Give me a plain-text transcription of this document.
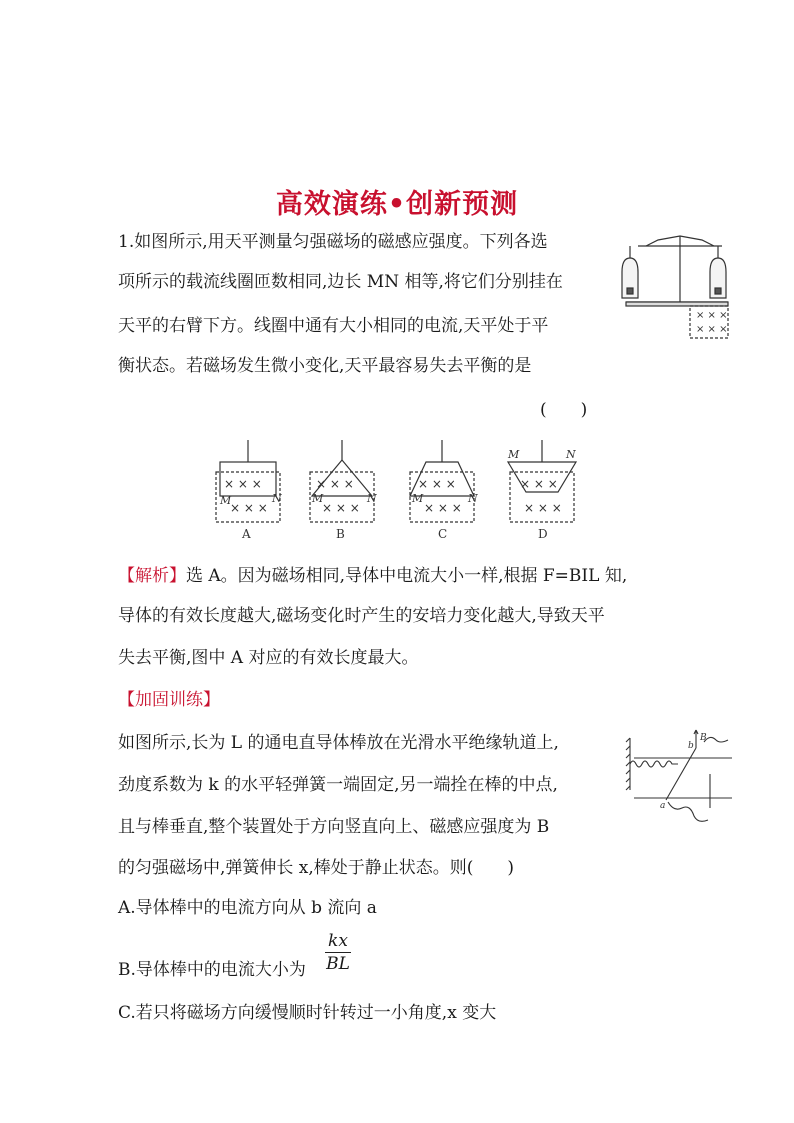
高效演练•创新预测
1.如图所示,用天平测量匀强磁场的磁感应强度。下列各选
项所示的载流线圈匝数相同,边长 MN 相等,将它们分别挂在
天平的右臂下方。线圈中通有大小相同的电流,天平处于平
衡状态。若磁场发生微小变化,天平最容易失去平衡的是
(　　)
× × ×
× × ×
× × ×
× × ×
× × ×
× × ×
× × ×
× × ×
× × ×
× × ×
M	N	M	N	M	N
M	N
A	B	C	D
【解析】选 A。因为磁场相同,导体中电流大小一样,根据 F=BIL 知,
导体的有效长度越大,磁场变化时产生的安培力变化越大,导致天平
失去平衡,图中 A 对应的有效长度最大。
【加固训练】
如图所示,长为 L 的通电直导体棒放在光滑水平绝缘轨道上,
劲度系数为 k 的水平轻弹簧一端固定,另一端拴在棒的中点,
且与棒垂直,整个装置处于方向竖直向上、磁感应强度为 B
的匀强磁场中,弹簧伸长 x,棒处于静止状态。则(　　)
b
a
B
A.导体棒中的电流方向从 b 流向 a
B.导体棒中的电流大小为 $\frac{kx}{BL}$
C.若只将磁场方向缓慢顺时针转过一小角度,x 变大
